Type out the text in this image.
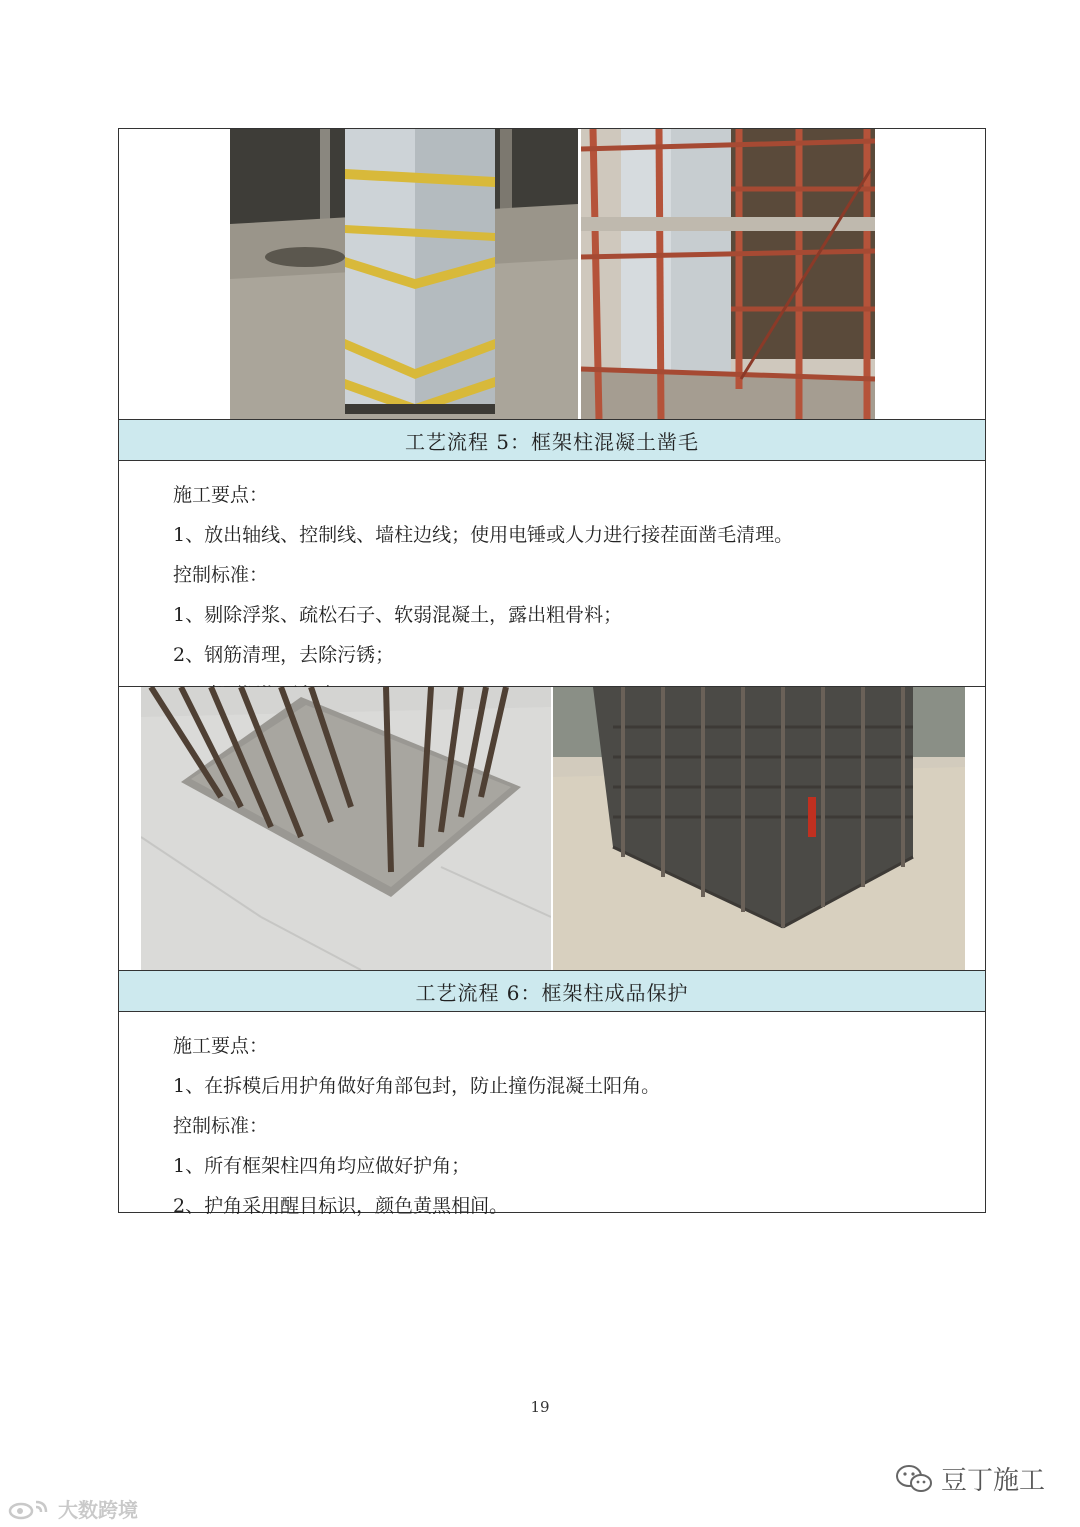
工艺流程 5：框架柱混凝土凿毛
施工要点：
1、放出轴线、控制线、墙柱边线；使用电锤或人力进行接茬面凿毛清理。
控制标准：
1、剔除浮浆、疏松石子、软弱混凝土，露出粗骨料；
2、钢筋清理，去除污锈；
工艺流程 6：框架柱成品保护
施工要点：
1、在拆模后用护角做好角部包封，防止撞伤混凝土阳角。
控制标准：
1、所有框架柱四角均应做好护角；
2、护角采用醒目标识，颜色黄黑相间。
19
大数跨境
豆丁施工
